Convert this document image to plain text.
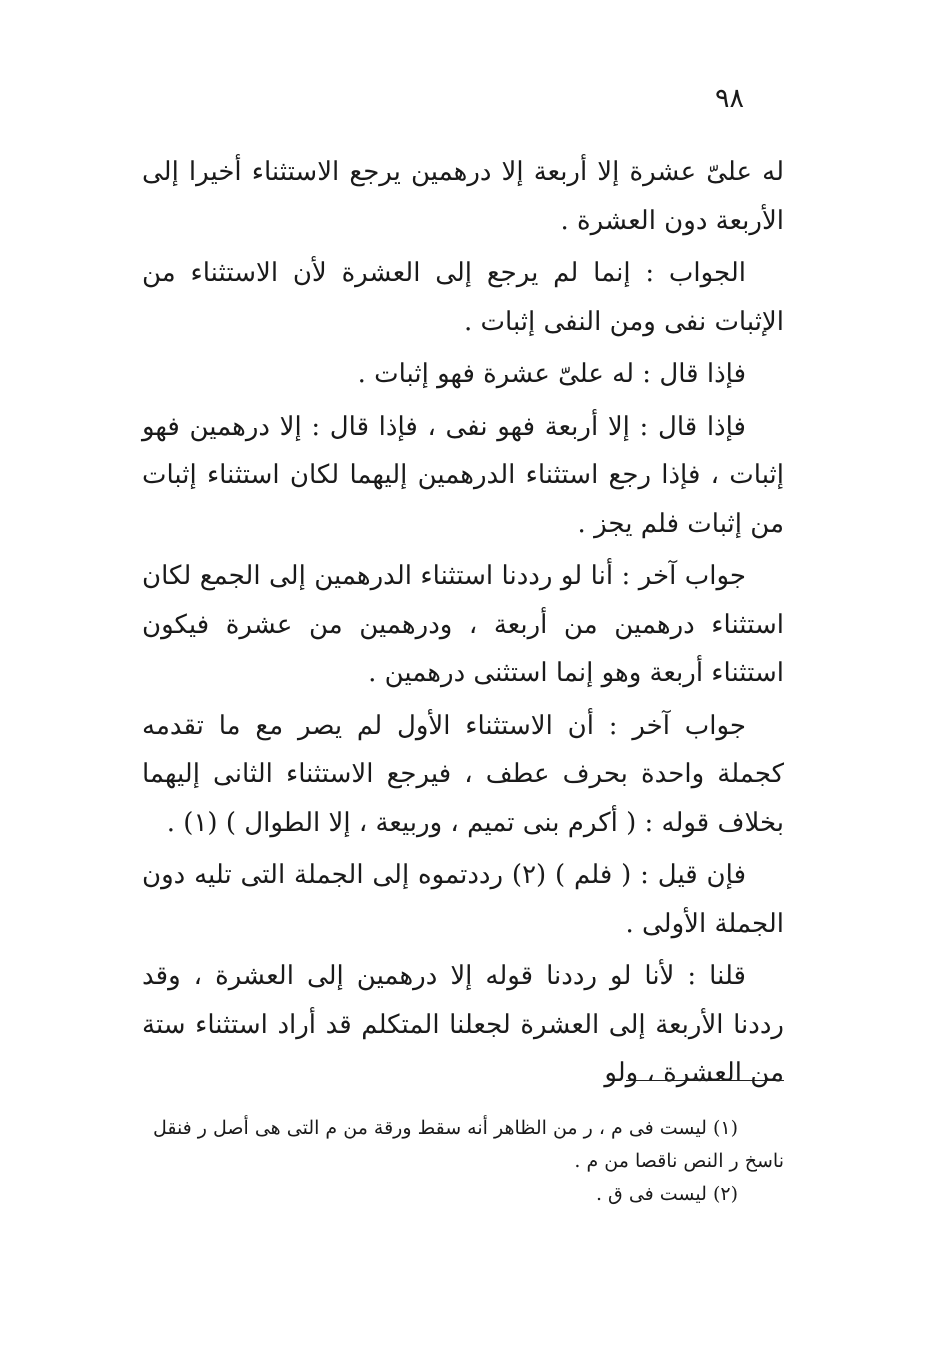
٩٨

له علىّ عشرة إلا أربعة إلا درهمين يرجع الاستثناء أخيرا إلى الأربعة دون العشرة .

الجواب : إنما لم يرجع إلى العشرة لأن الاستثناء من الإثبات نفى ومن النفى إثبات .

فإذا قال : له علىّ عشرة فهو إثبات .

فإذا قال : إلا أربعة فهو نفى ، فإذا قال : إلا درهمين فهو إثبات ، فإذا رجع استثناء الدرهمين إليهما لكان استثناء إثبات من إثبات فلم يجز .

جواب آخر : أنا لو رددنا استثناء الدرهمين إلى الجمع لكان استثناء درهمين من أربعة ، ودرهمين من عشرة فيكون استثناء أربعة وهو إنما استثنى درهمين .

جواب آخر : أن الاستثناء الأول لم يصر مع ما تقدمه كجملة واحدة بحرف عطف ، فيرجع الاستثناء الثانى إليهما بخلاف قوله : ( أكرم بنى تميم ، وربيعة ، إلا الطوال ) (١) .

فإن قيل : ( فلم ) (٢) رددتموه إلى الجملة التى تليه دون الجملة الأولى .

قلنا : لأنا لو رددنا قوله إلا درهمين إلى العشرة ، وقد رددنا الأربعة إلى العشرة لجعلنا المتكلم قد أراد استثناء ستة من العشرة ، ولو

(١) ليست فى م ، ر من الظاهر أنه سقط ورقة من م التى هى أصل ر فنقل

ناسخ ر النص ناقصا من م .

(٢) ليست فى ق .
